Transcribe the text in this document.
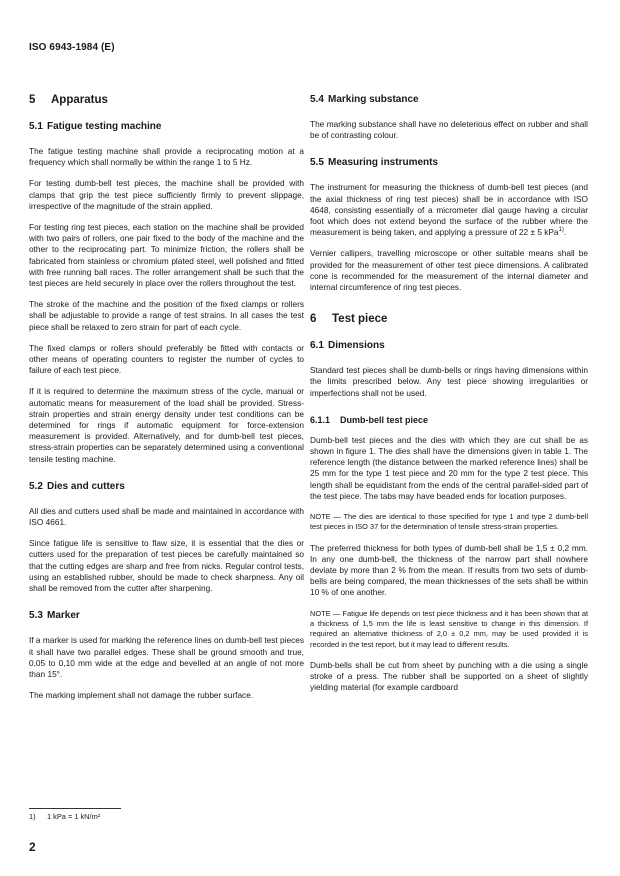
ISO 6943-1984 (E)
5 Apparatus
5.1 Fatigue testing machine

The fatigue testing machine shall provide a reciprocating motion at a frequency which shall normally be within the range 1 to 5 Hz.

For testing dumb-bell test pieces, the machine shall be provided with clamps that grip the test piece sufficiently firmly to prevent slippage, irrespective of the magnitude of the strain applied.

For testing ring test pieces, each station on the machine shall be provided with two pairs of rollers, one pair fixed to the body of the machine and the other to the reciprocating part. To minimize friction, the rollers shall be fabricated from stainless or chromium plated steel, well polished and fitted with free running ball races. The roller arrangement shall be such that the test pieces are held securely in place over the rollers throughout the test.

The stroke of the machine and the position of the fixed clamps or rollers shall be adjustable to provide a range of test strains. In all cases the test piece shall be relaxed to zero strain for part of each cycle.

The fixed clamps or rollers should preferably be fitted with contacts or other means of operating counters to register the number of cycles to failure of each test piece.

If it is required to determine the maximum stress of the cycle, manual or automatic means for measurement of the load shall be provided. Stress-strain properties and strain energy density under test conditions can be determined for rings if automatic equipment for force-extension measurement is provided. Alternatively, and for dumb-bell test pieces, stress-strain properties can be separately determined using a conventional tensile testing machine.

5.2 Dies and cutters

All dies and cutters used shall be made and maintained in accordance with ISO 4661.

Since fatigue life is sensitive to flaw size, it is essential that the dies or cutters used for the preparation of test pieces be carefully maintained so that the cutting edges are sharp and free from nicks. Regular control tests, using an established rubber, should be made to check sharpness. Any oil shall be removed from the cutter after sharpening.

5.3 Marker

If a marker is used for marking the reference lines on dumb-bell test pieces it shall have two parallel edges. These shall be ground smooth and true, 0,05 to 0,10 mm wide at the edge and bevelled at an angle of not more than 15°.

The marking implement shall not damage the rubber surface.

5.4 Marking substance

The marking substance shall have no deleterious effect on rubber and shall be of contrasting colour.

5.5 Measuring instruments

The instrument for measuring the thickness of dumb-bell test pieces (and the axial thickness of ring test pieces) shall be in accordance with ISO 4648, consisting essentially of a micrometer dial gauge having a circular foot which does not extend beyond the surface of the rubber where the measurement is being taken, and applying a pressure of 22 ± 5 kPa$^{1)}$.

Vernier callipers, travelling microscope or other suitable means shall be provided for the measurement of other test piece dimensions. A calibrated cone is recommended for the measurement of the internal diameter and internal circumference of ring test pieces.

6 Test piece
6.1 Dimensions

Standard test pieces shall be dumb-bells or rings having dimensions within the limits prescribed below. Any test piece showing irregularities or imperfections shall not be used.

6.1.1 Dumb-bell test piece

Dumb-bell test pieces and the dies with which they are cut shall be as shown in figure 1. The dies shall have the dimensions given in table 1. The reference length (the distance between the marked reference lines) shall be 25 mm for the type 1 test piece and 20 mm for the type 2 test piece. This length shall be equidistant from the ends of the central parallel-sided part of the test piece. The tabs may have beaded ends for location purposes.

NOTE — The dies are identical to those specified for type 1 and type 2 dumb-bell test pieces in ISO 37 for the determination of tensile stress-strain properties.

The preferred thickness for both types of dumb-bell shall be 1,5 ± 0,2 mm. In any one dumb-bell, the thickness of the narrow part shall nowhere deviate by more than 2 % from the mean. If results from two sets of dumb-bells are being compared, the mean thicknesses of the sets shall be within 10 % of one another.

NOTE — Fatigue life depends on test piece thickness and it has been shown that at a thickness of 1,5 mm the life is least sensitive to change in this dimension. If required an alternative thickness of 2,0 ± 0,2 mm, may be used provided it is recorded in the test report, but it may lead to different results.

Dumb-bells shall be cut from sheet by punching with a die using a single stroke of a press. The rubber shall be supported on a sheet of slightly yielding material (for example cardboard

1) 1 kPa = 1 kN/m²
2
